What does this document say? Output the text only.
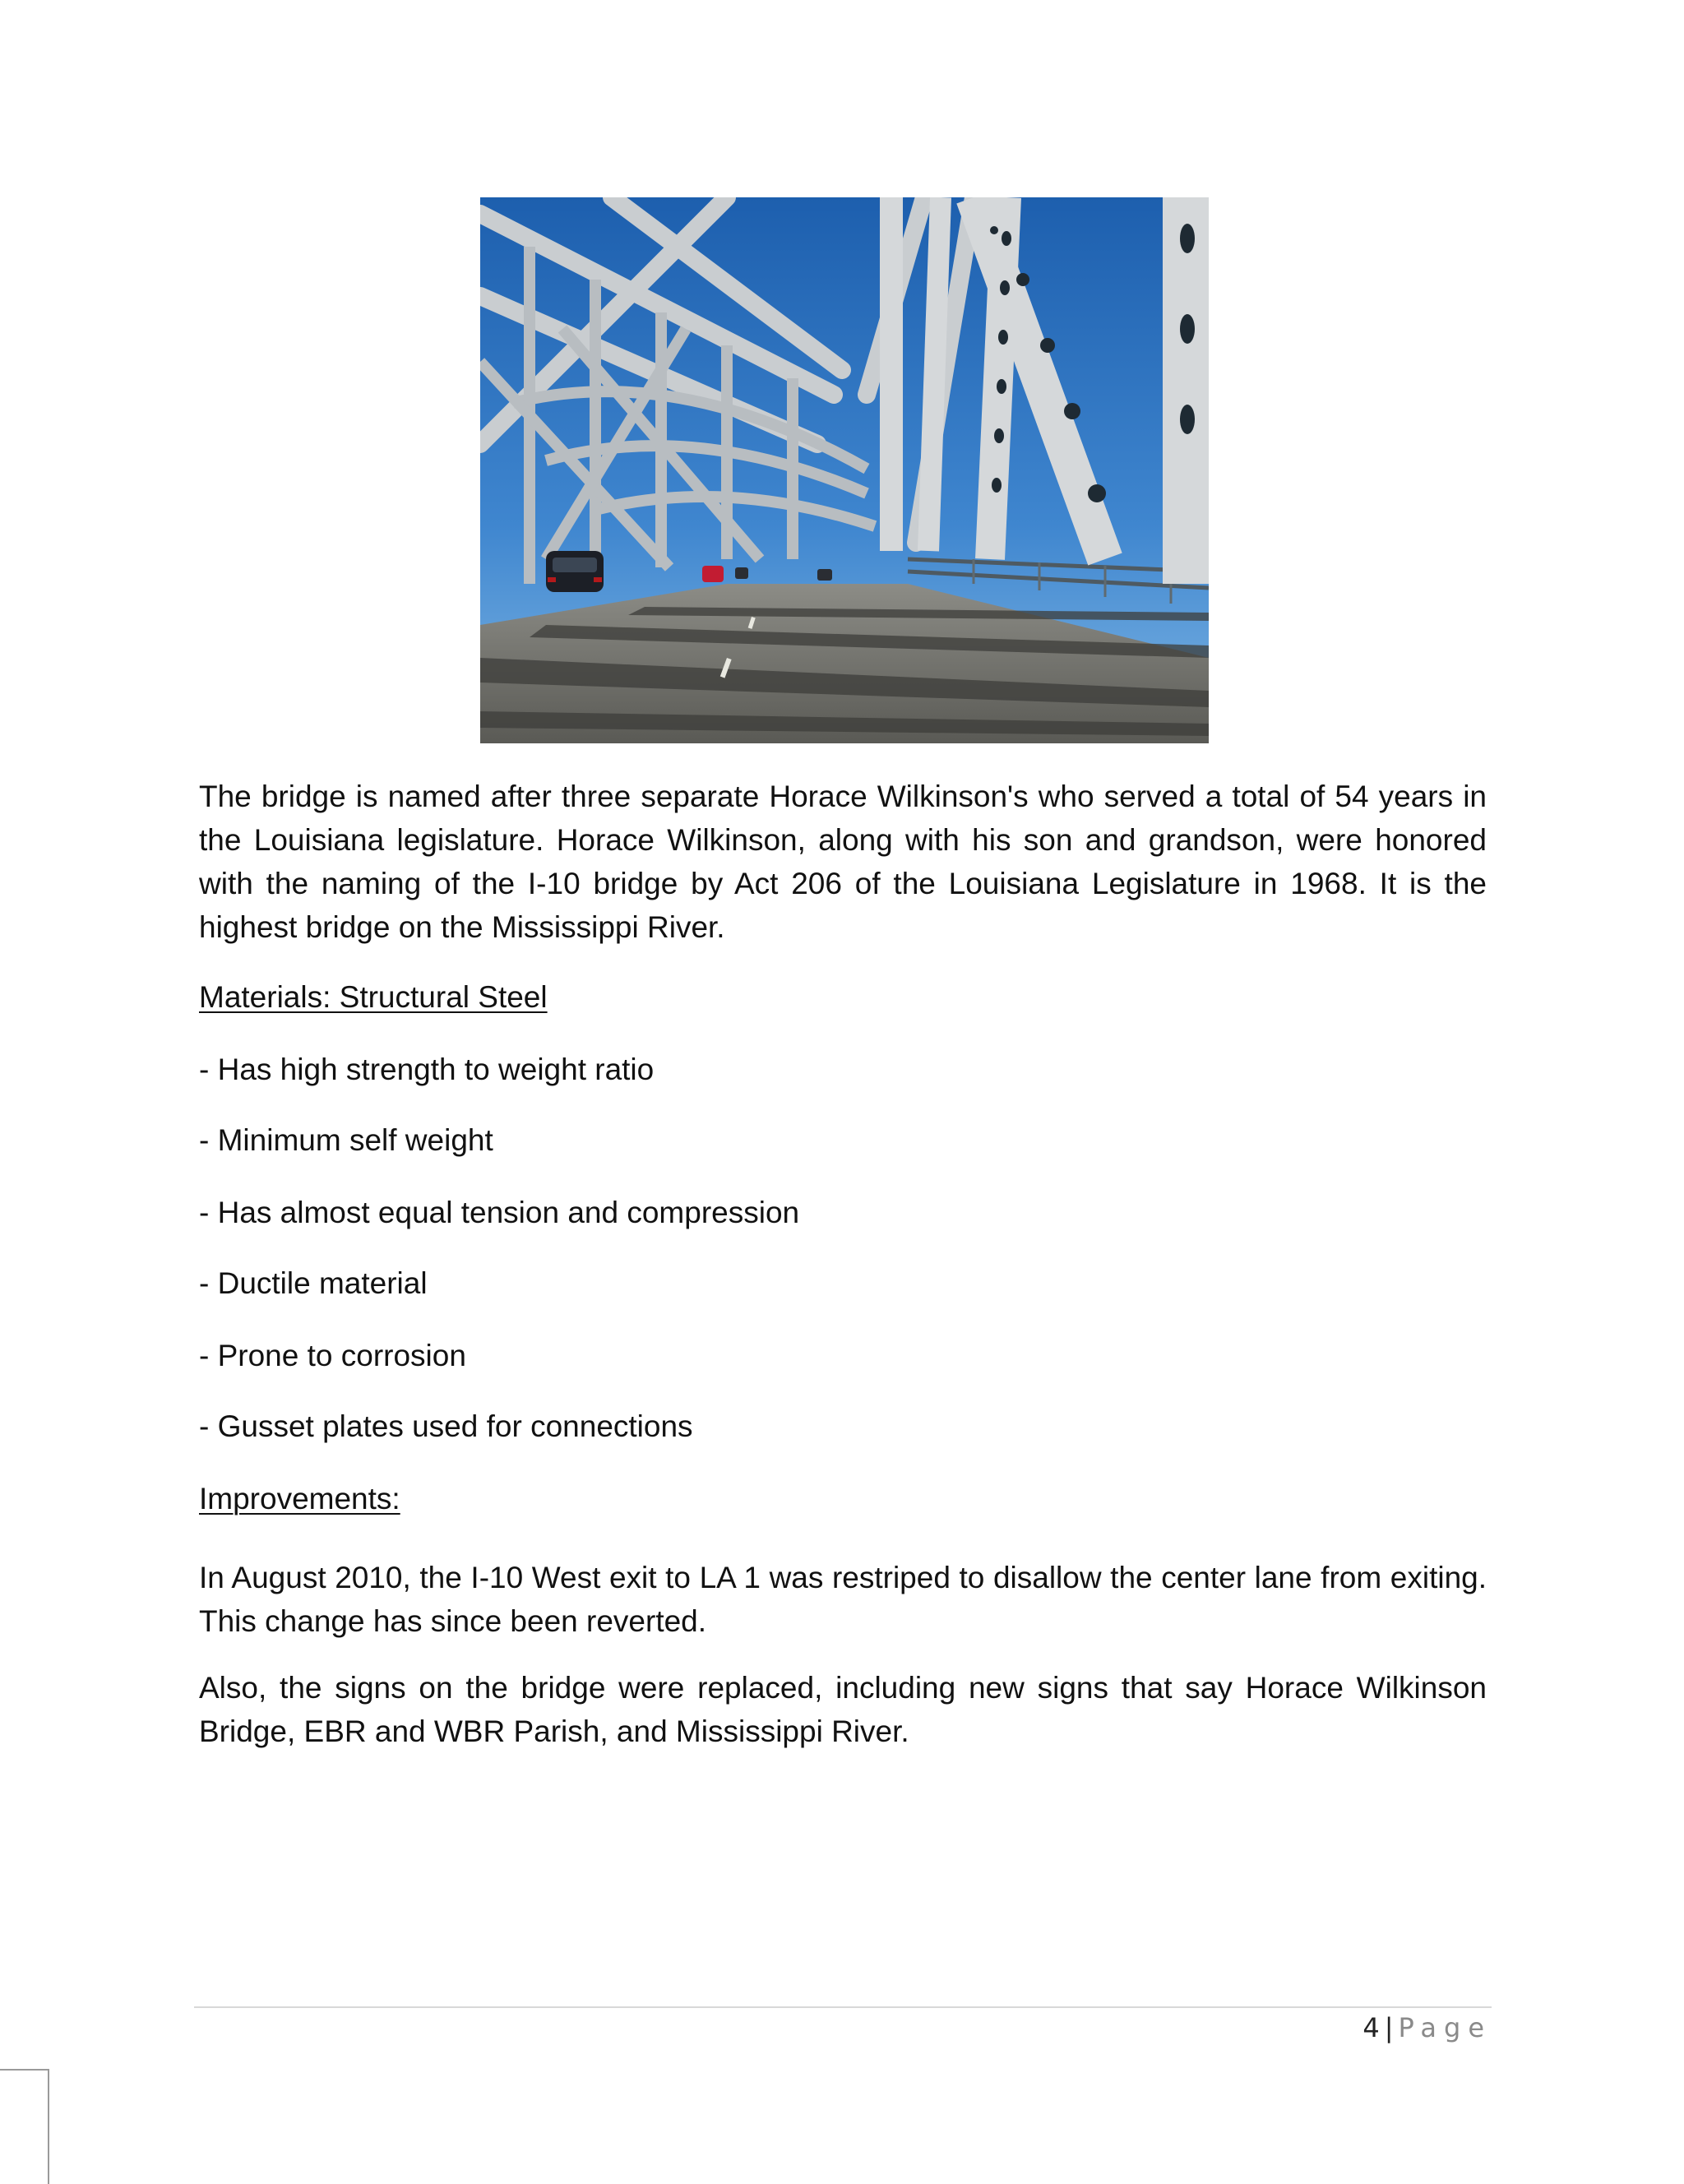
The bridge is named after three separate Horace Wilkinson's who served a total of 54 years in the Louisiana legislature. Horace Wilkinson, along with his son and grandson, were honored with the naming of the I-10 bridge by Act 206 of the Louisiana Legislature in 1968. It is the highest bridge on the Mississippi River.

Materials: Structural Steel

- Has high strength to weight ratio

- Minimum self weight

- Has almost equal tension and compression

- Ductile material

- Prone to corrosion

- Gusset plates used for connections

Improvements:

In August 2010, the I-10 West exit to LA 1 was restriped to disallow the center lane from exiting. This change has since been reverted.

Also, the signs on the bridge were replaced, including new signs that say Horace Wilkinson Bridge, EBR and WBR Parish, and Mississippi River.

4 | Page
